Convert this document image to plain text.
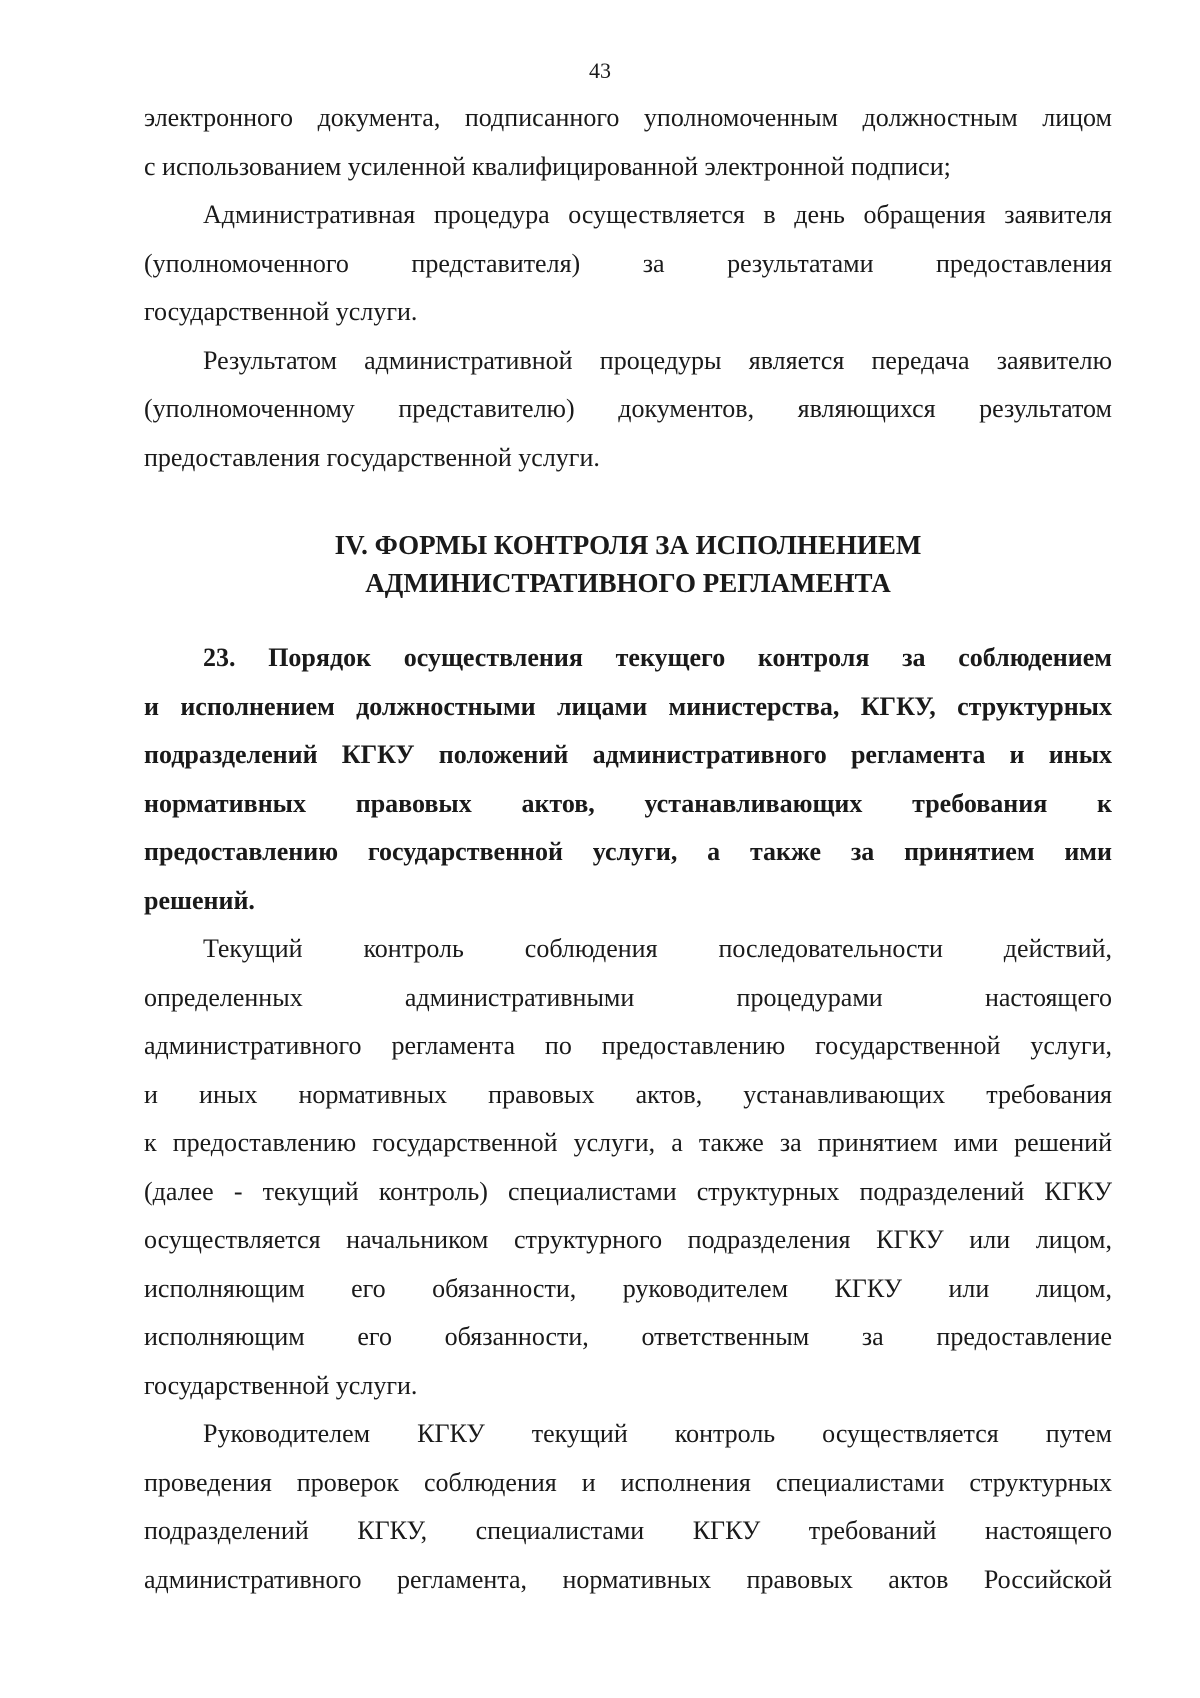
43

электронного документа, подписанного уполномоченным должностным лицом

с использованием усиленной квалифицированной электронной подписи;

Административная процедура осуществляется в день обращения заявителя

(уполномоченного представителя) за результатами предоставления

государственной услуги.

Результатом административной процедуры является передача заявителю

(уполномоченному представителю) документов, являющихся результатом

предоставления государственной услуги.

IV. ФОРМЫ КОНТРОЛЯ ЗА ИСПОЛНЕНИЕМ
АДМИНИСТРАТИВНОГО РЕГЛАМЕНТА

23. Порядок осуществления текущего контроля за соблюдением

и исполнением должностными лицами министерства, КГКУ, структурных

подразделений КГКУ положений административного регламента и иных

нормативных правовых актов, устанавливающих требования к

предоставлению государственной услуги, а также за принятием ими

решений.

Текущий контроль соблюдения последовательности действий,

определенных административными процедурами настоящего

административного регламента по предоставлению государственной услуги,

и иных нормативных правовых актов, устанавливающих требования

к предоставлению государственной услуги, а также за принятием ими решений

(далее - текущий контроль) специалистами структурных подразделений КГКУ

осуществляется начальником структурного подразделения КГКУ или лицом,

исполняющим его обязанности, руководителем КГКУ или лицом,

исполняющим его обязанности, ответственным за предоставление

государственной услуги.

Руководителем КГКУ текущий контроль осуществляется путем

проведения проверок соблюдения и исполнения специалистами структурных

подразделений КГКУ, специалистами КГКУ требований настоящего

административного регламента, нормативных правовых актов Российской
